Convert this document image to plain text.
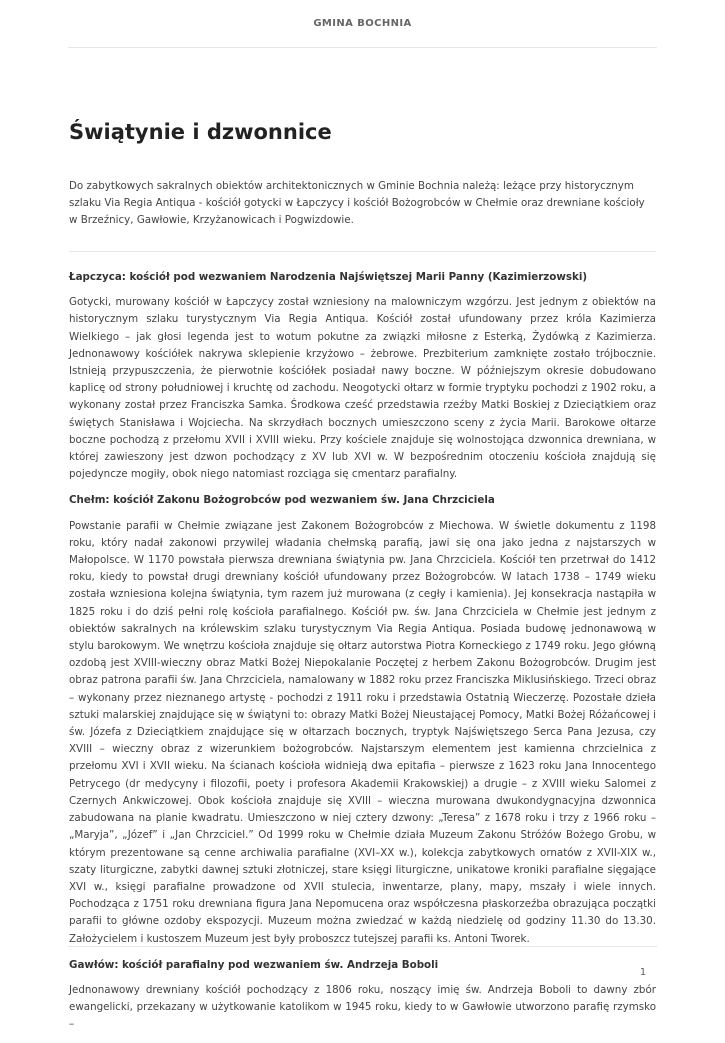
GMINA BOCHNIA
Świątynie i dzwonnice

Do zabytkowych sakralnych obiektów architektonicznych w Gminie Bochnia należą: leżące przy historycznym szlaku Via Regia Antiqua - kościół gotycki w Łapczycy i kościół Bożogrobców w Chełmie oraz drewniane kościoły w Brzeźnicy, Gawłowie, Krzyżanowicach i Pogwizdowie.

Łapczyca: kościół pod wezwaniem Narodzenia Najświętszej Marii Panny (Kazimierzowski)

Gotycki, murowany kościół w Łapczycy został wzniesiony na malowniczym wzgórzu. Jest jednym z obiektów na historycznym szlaku turystycznym Via Regia Antiqua. Kościół został ufundowany przez króla Kazimierza Wielkiego – jak głosi legenda jest to wotum pokutne za związki miłosne z Esterką, Żydówką z Kazimierza. Jednonawowy kościółek nakrywa sklepienie krzyżowo – żebrowe. Prezbiterium zamknięte zostało trójbocznie. Istnieją przypuszczenia, że pierwotnie kościółek posiadał nawy boczne. W późniejszym okresie dobudowano kaplicę od strony południowej i kruchtę od zachodu. Neogotycki ołtarz w formie tryptyku pochodzi z 1902 roku, a wykonany został przez Franciszka Samka. Środkowa cześć przedstawia rzeźby Matki Boskiej z Dzieciątkiem oraz świętych Stanisława i Wojciecha. Na skrzydłach bocznych umieszczono sceny z życia Marii. Barokowe ołtarze boczne pochodzą z przełomu XVII i XVIII wieku. Przy kościele znajduje się wolnostojąca dzwonnica drewniana, w której zawieszony jest dzwon pochodzący z XV lub XVI w. W bezpośrednim otoczeniu kościoła znajdują się pojedyncze mogiły, obok niego natomiast rozciąga się cmentarz parafialny.

Chełm: kościół Zakonu Bożogrobców pod wezwaniem św. Jana Chrzciciela

Powstanie parafii w Chełmie związane jest Zakonem Bożogrobców z Miechowa. W świetle dokumentu z 1198 roku, który nadał zakonowi przywilej władania chełmską parafią, jawi się ona jako jedna z najstarszych w Małopolsce. W 1170 powstała pierwsza drewniana świątynia pw. Jana Chrzciciela. Kościół ten przetrwał do 1412 roku, kiedy to powstał drugi drewniany kościół ufundowany przez Bożogrobców. W latach 1738 – 1749 wieku została wzniesiona kolejna świątynia, tym razem już murowana (z cegły i kamienia). Jej konsekracja nastąpiła w 1825 roku i do dziś pełni rolę kościoła parafialnego. Kościół pw. św. Jana Chrzciciela w Chełmie jest jednym z obiektów sakralnych na królewskim szlaku turystycznym Via Regia Antiqua. Posiada budowę jednonawową w stylu barokowym. We wnętrzu kościoła znajduje się ołtarz autorstwa Piotra Korneckiego z 1749 roku. Jego główną ozdobą jest XVIII-wieczny obraz Matki Bożej Niepokalanie Poczętej z herbem Zakonu Bożogrobców. Drugim jest obraz patrona parafii św. Jana Chrzciciela, namalowany w 1882 roku przez Franciszka Miklusińskiego. Trzeci obraz – wykonany przez nieznanego artystę - pochodzi z 1911 roku i przedstawia Ostatnią Wieczerzę. Pozostałe dzieła sztuki malarskiej znajdujące się w świątyni to: obrazy Matki Bożej Nieustającej Pomocy, Matki Bożej Różańcowej i św. Józefa z Dzieciątkiem znajdujące się w ołtarzach bocznych, tryptyk Najświętszego Serca Pana Jezusa, czy XVIII – wieczny obraz z wizerunkiem bożogrobców. Najstarszym elementem jest kamienna chrzcielnica z przełomu XVI i XVII wieku. Na ścianach kościoła widnieją dwa epitafia – pierwsze z 1623 roku Jana Innocentego Petrycego (dr medycyny i filozofii, poety i profesora Akademii Krakowskiej) a drugie – z XVIII wieku Salomei z Czernych Ankwiczowej. Obok kościoła znajduje się XVIII – wieczna murowana dwukondygnacyjna dzwonnica zabudowana na planie kwadratu. Umieszczono w niej cztery dzwony: „Teresa” z 1678 roku i trzy z 1966 roku – „Maryja”, „Józef” i „Jan Chrzciciel.” Od 1999 roku w Chełmie działa Muzeum Zakonu Stróżów Bożego Grobu, w którym prezentowane są cenne archiwalia parafialne (XVI–XX w.), kolekcja zabytkowych ornatów z XVII-XIX w., szaty liturgiczne, zabytki dawnej sztuki złotniczej, stare księgi liturgiczne, unikatowe kroniki parafialne sięgające XVI w., księgi parafialne prowadzone od XVII stulecia, inwentarze, plany, mapy, mszały i wiele innych. Pochodząca z 1751 roku drewniana figura Jana Nepomucena oraz współczesna płaskorzeźba obrazująca początki parafii to główne ozdoby ekspozycji. Muzeum można zwiedzać w każdą niedzielę od godziny 11.30 do 13.30. Założycielem i kustoszem Muzeum jest były proboszcz tutejszej parafii ks. Antoni Tworek.

Gawłów: kościół parafialny pod wezwaniem św. Andrzeja Boboli

Jednonawowy drewniany kościół pochodzący z 1806 roku, noszący imię św. Andrzeja Boboli to dawny zbór ewangelicki, przekazany w użytkowanie katolikom w 1945 roku, kiedy to w Gawłowie utworzono parafię rzymsko –

1
